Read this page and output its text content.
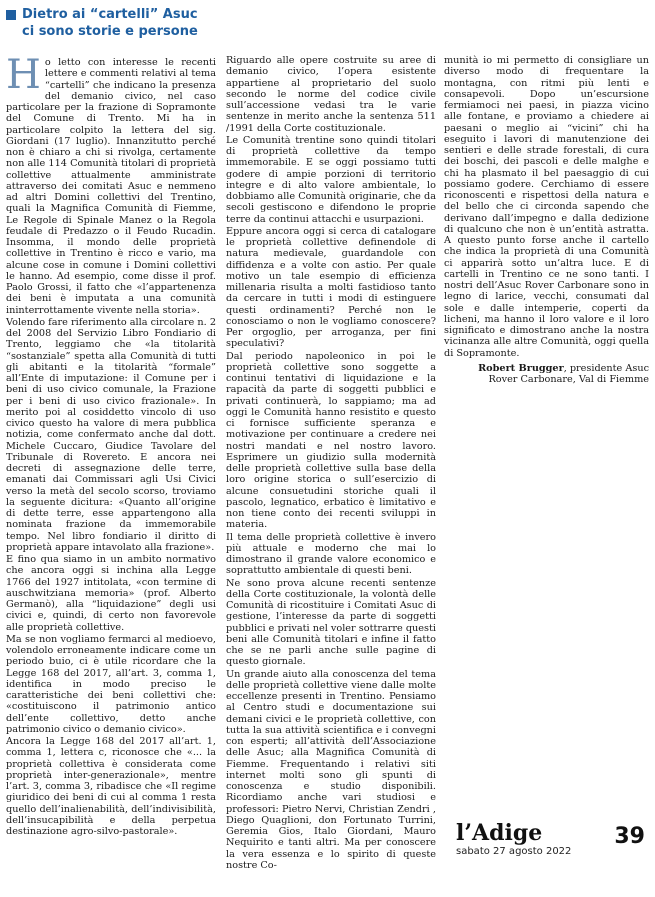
Dietro ai “cartelli” Asuc
ci sono storie e persone

Ho letto con interesse le recenti lettere e commenti relativi al tema “cartelli” che indicano la presenza del demanio civico, nel caso particolare per la frazione di Sopramonte del Comune di Trento. Mi ha in particolare colpito la lettera del sig. Giordani (17 luglio). Innanzitutto perché non è chiaro a chi si rivolga, certamente non alle 114 Comunità titolari di proprietà collettive attualmente amministrate attraverso dei comitati Asuc e nemmeno ad altri Domini collettivi del Trentino, quali la Magnifica Comunità di Fiemme, Le Regole di Spinale Manez o la Regola feudale di Predazzo o il Feudo Rucadin. Insomma, il mondo delle proprietà collettive in Trentino è ricco e vario, ma alcune cose in comune i Domini collettivi le hanno. Ad esempio, come disse il prof. Paolo Grossi, il fatto che «l’appartenenza dei beni è imputata a una comunità ininterrottamente vivente nella storia».

Volendo fare riferimento alla circolare n. 2 del 2008 del Servizio Libro Fondiario di Trento, leggiamo che «la titolarità “sostanziale” spetta alla Comunità di tutti gli abitanti e la titolarità “formale” all’Ente di imputazione: il Comune per i beni di uso civico comunale, la Frazione per i beni di uso civico frazionale». In merito poi al cosiddetto vincolo di uso civico questo ha valore di mera pubblica notizia, come confermato anche dal dott. Michele Cuccaro, Giudice Tavolare del Tribunale di Rovereto. E ancora nei decreti di assegnazione delle terre, emanati dai Commissari agli Usi Civici verso la metà del secolo scorso, troviamo la seguente dicitura: «Quanto all’origine di dette terre, esse appartengono alla nominata frazione da immemorabile tempo. Nel libro fondiario il diritto di proprietà appare intavolato alla frazione».

E fino qua siamo in un ambito normativo che ancora oggi si inchina alla Legge 1766 del 1927 intitolata, «con termine di auschwitziana memoria» (prof. Alberto Germanò), alla “liquidazione” degli usi civici e, quindi, di certo non favorevole alle proprietà collettive.

Ma se non vogliamo fermarci al medioevo, volendolo erroneamente indicare come un periodo buio, ci è utile ricordare che la Legge 168 del 2017, all’art. 3, comma 1, identifica in modo preciso le caratteristiche dei beni collettivi che: «costituiscono il patrimonio antico dell’ente collettivo, detto anche patrimonio civico o demanio civico».

Ancora la Legge 168 del 2017 all’art. 1, comma 1, lettera c, riconosce che «... la proprietà collettiva è considerata come proprietà inter-generazionale», mentre l’art. 3, comma 3, ribadisce che «Il regime giuridico dei beni di cui al comma 1 resta quello dell’inalienabilità, dell’indivisibilità, dell’insucapibilità e della perpetua destinazione agro-silvo-pastorale».

Riguardo alle opere costruite su aree di demanio civico, l’opera esistente appartiene al proprietario del suolo secondo le norme del codice civile sull’accessione vedasi tra le varie sentenze in merito anche la sentenza 511 /1991 della Corte costituzionale.

Le Comunità trentine sono quindi titolari di proprietà collettive da tempo immemorabile. E se oggi possiamo tutti godere di ampie porzioni di territorio integre e di alto valore ambientale, lo dobbiamo alle Comunità originarie, che da secoli gestiscono e difendono le proprie terre da continui attacchi e usurpazioni.

Eppure ancora oggi si cerca di catalogare le proprietà collettive definendole di natura medievale, guardandole con diffidenza e a volte con astio. Per quale motivo un tale esempio di efficienza millenaria risulta a molti fastidioso tanto da cercare in tutti i modi di estinguere questi ordinamenti? Perché non le conosciamo o non le vogliamo conoscere? Per orgoglio, per arroganza, per fini speculativi?

Dal periodo napoleonico in poi le proprietà collettive sono soggette a continui tentativi di liquidazione e la rapacità da parte di soggetti pubblici e privati continuerà, lo sappiamo; ma ad oggi le Comunità hanno resistito e questo ci fornisce sufficiente speranza e motivazione per continuare a credere nei nostri mandati e nel nostro lavoro. Esprimere un giudizio sulla modernità delle proprietà collettive sulla base della loro origine storica o sull’esercizio di alcune consuetudini storiche quali il pascolo, legnatico, erbatico è limitativo e non tiene conto dei recenti sviluppi in materia.

Il tema delle proprietà collettive è invero più attuale e moderno che mai lo dimostrano il grande valore economico e soprattutto ambientale di questi beni.

Ne sono prova alcune recenti sentenze della Corte costituzionale, la volontà delle Comunità di ricostituire i Comitati Asuc di gestione, l’interesse da parte di soggetti pubblici e privati nel voler sottrarre questi beni alle Comunità titolari e infine il fatto che se ne parli anche sulle pagine di questo giornale.

Un grande aiuto alla conoscenza del tema delle proprietà collettive viene dalle molte eccellenze presenti in Trentino. Pensiamo al Centro studi e documentazione sui demani civici e le proprietà collettive, con tutta la sua attività scientifica e i convegni con esperti; all’attività dell’Associazione delle Asuc; alla Magnifica Comunità di Fiemme. Frequentando i relativi siti internet molti sono gli spunti di conoscenza e studio disponibili. Ricordiamo anche vari studiosi e professori: Pietro Nervi, Christian Zendri , Diego Quaglioni, don Fortunato Turrini, Geremia Gios, Italo Giordani, Mauro Nequirito e tanti altri. Ma per conoscere la vera essenza e lo spirito di queste nostre Co-

munità io mi permetto di consigliare un diverso modo di frequentare la montagna, con ritmi più lenti e consapevoli. Dopo un’escursione fermiamoci nei paesi, in piazza vicino alle fontane, e proviamo a chiedere ai paesani o meglio ai “vicini” chi ha eseguito i lavori di manutenzione dei sentieri e delle strade forestali, di cura dei boschi, dei pascoli e delle malghe e chi ha plasmato il bel paesaggio di cui possiamo godere. Cerchiamo di essere riconoscenti e rispettosi della natura e del bello che ci circonda sapendo che derivano dall’impegno e dalla dedizione di qualcuno che non è un’entità astratta. A questo punto forse anche il cartello che indica la proprietà di una Comunità ci apparirà sotto un’altra luce. E di cartelli in Trentino ce ne sono tanti. I nostri dell’Asuc Rover Carbonare sono in legno di larice, vecchi, consumati dal sole e dalle intemperie, coperti da licheni, ma hanno il loro valore e il loro significato e dimostrano anche la nostra vicinanza alle altre Comunità, oggi quella di Sopramonte.

Robert Brugger, presidente Asuc
Rover Carbonare, Val di Fiemme
l’Adige
sabato 27 agosto 2022
39
